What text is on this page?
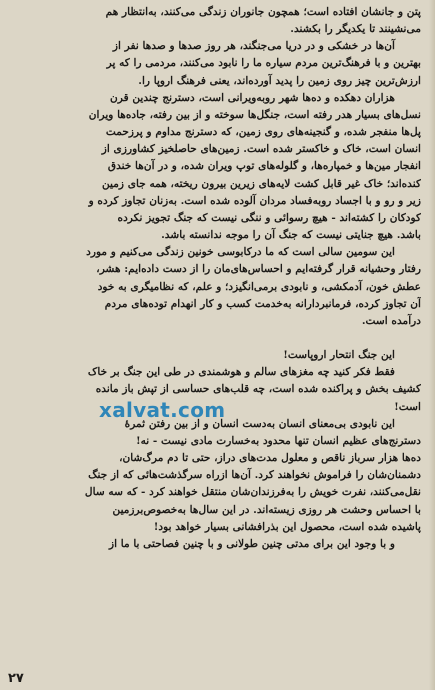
پتن و جانشان افتاده است؛ همچون جانوران زندگی می‌کنند، به‌انتظار هم
می‌نشینند تا یکدیگر را بکشند.
آن‌ها در خشکی و در دریا می‌جنگند، هر روز صدها و صدها نفر از
بهترین و با فرهنگ‌ترین مردم سیاره ما را نابود می‌کنند، مردمی را که پر
ارزش‌ترین چیز روی زمین را پدید آورده‌اند، یعنی فرهنگ اروپا را.
هزاران دهکده و ده‌ها شهر رو‌به‌ویرانی است، دسترنج چندین قرن
نسل‌های بسیار هدر رفته است، جنگل‌ها سوخته و از بین رفته، جاده‌ها ویران
پل‌ها منفجر شده، و گنجینه‌های روی زمین، که دسترنج مداوم و پرزحمت
انسان است، خاک و خاکستر شده است. زمین‌های حاصلخیز کشاورزی از
انفجار مین‌ها و خمپاره‌ها، و گلوله‌های توپ ویران شده، و در آن‌ها خندق
کنده‌اند؛ خاک غیر قابل کشت لایه‌های زیرین بیرون ریخته، همه جای زمین
زیر و رو و با اجساد رو‌به‌فساد مردان آلوده شده است. به‌زنان تجاوز کرده و
کودکان را کشته‌اند - هیچ رسوائی و ننگی نیست که جنگ تجویز نکرده
باشد. هیچ جنایتی نیست که جنگ آن را موجه ندانسته باشد.
این سومین سالی است که ما درکابوسی خونین زندگی می‌کنیم و مورد
رفتار وحشیانه قرار گرفته‌ایم و احساس‌های‌مان را از دست داده‌ایم: هشر،
عطش خون، آدمکشی، و نابودی برمی‌انگیزد؛ و علم، که نظامیگری به خود
آن تجاوز کرده، فرمانبردارانه به‌خدمت کسب و کار انهدام توده‌های مردم
درآمده است.

این جنگ انتحار اروپاست!
فقط فکر کنید چه مغزهای سالم و هوشمندی در طی این جنگ بر خاک
کشیف بخش و پراکنده شده است، چه قلب‌های حساسی از تپش باز مانده
است!
این نابودی بی‌معنای انسان به‌دست انسان و از بین رفتن ثمرهٔ
دسترنج‌های عظیم انسان تنها محدود به‌خسارت مادی نیست - نه!
ده‌ها هزار سرباز ناقص و معلول مدت‌های دراز، حتی تا دم مرگ‌شان،
دشمنان‌شان را فراموش نخواهند کرد. آن‌ها ازراه سرگذشت‌هائی که از جنگ
نقل‌می‌کنند، نفرت خویش را به‌فرزندان‌شان منتقل خواهند کرد - که سه سال
با احساس وحشت هر روزی زیسته‌اند. در این سال‌ها به‌خصوص‌برزمین
پاشیده شده است، محصول این بذرافشانی بسیار خواهد بود!
و با وجود این برای مدتی چنین طولانی و با چنین فصاحتی با ما از
xalvat.com
٢٧
